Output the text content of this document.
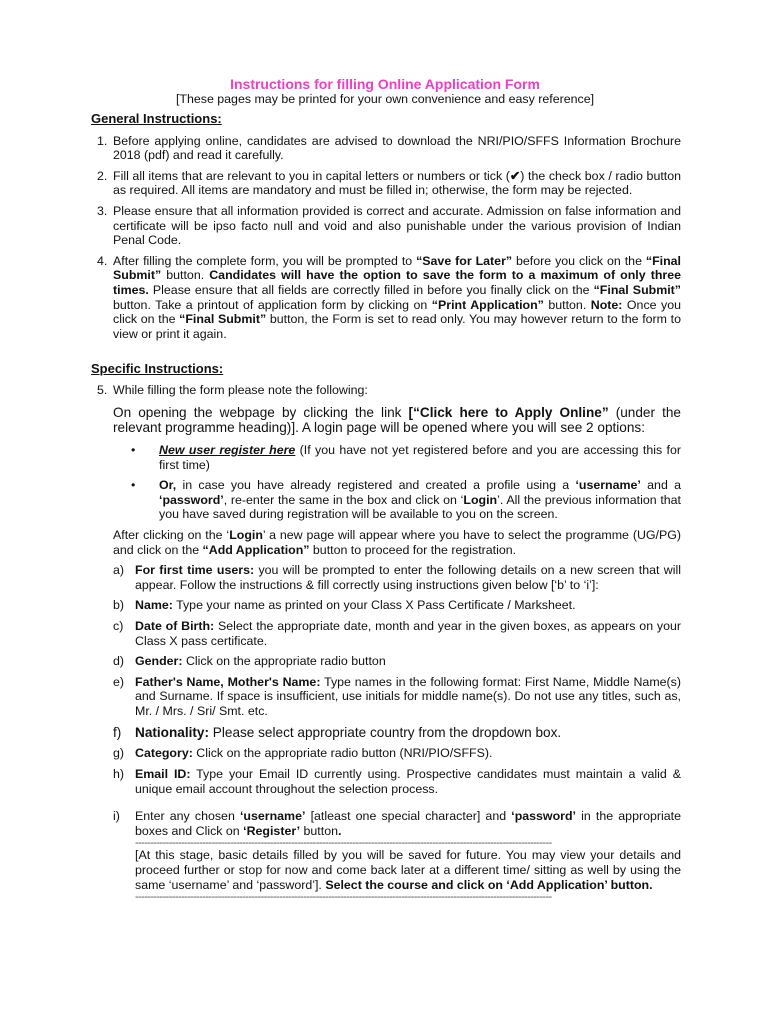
Instructions for filling Online Application Form

[These pages may be printed for your own convenience and easy reference]

General Instructions:

1. Before applying online, candidates are advised to download the NRI/PIO/SFFS Information Brochure 2018 (pdf) and read it carefully.

2. Fill all items that are relevant to you in capital letters or numbers or tick (✔) the check box / radio button as required. All items are mandatory and must be filled in; otherwise, the form may be rejected.

3. Please ensure that all information provided is correct and accurate. Admission on false information and certificate will be ipso facto null and void and also punishable under the various provision of Indian Penal Code.

4. After filling the complete form, you will be prompted to “Save for Later” before you click on the “Final Submit” button. Candidates will have the option to save the form to a maximum of only three times. Please ensure that all fields are correctly filled in before you finally click on the “Final Submit” button. Take a printout of application form by clicking on “Print Application” button. Note: Once you click on the “Final Submit” button, the Form is set to read only. You may however return to the form to view or print it again.

Specific Instructions:

5. While filling the form please note the following:

On opening the webpage by clicking the link [“Click here to Apply Online” (under the relevant programme heading)]. A login page will be opened where you will see 2 options:

• New user register here (If you have not yet registered before and you are accessing this for first time)

• Or, in case you have already registered and created a profile using a ‘username’ and a ‘password’, re-enter the same in the box and click on ‘Login’. All the previous information that you have saved during registration will be available to you on the screen.

After clicking on the ‘Login’ a new page will appear where you have to select the programme (UG/PG) and click on the “Add Application” button to proceed for the registration.

a) For first time users: you will be prompted to enter the following details on a new screen that will appear. Follow the instructions & fill correctly using instructions given below [‘b’ to ‘i’]:

b) Name: Type your name as printed on your Class X Pass Certificate / Marksheet.

c) Date of Birth: Select the appropriate date, month and year in the given boxes, as appears on your Class X pass certificate.

d) Gender: Click on the appropriate radio button

e) Father's Name, Mother's Name: Type names in the following format: First Name, Middle Name(s) and Surname. If space is insufficient, use initials for middle name(s). Do not use any titles, such as, Mr. / Mrs. / Sri/ Smt. etc.

f) Nationality: Please select appropriate country from the dropdown box.

g) Category: Click on the appropriate radio button (NRI/PIO/SFFS).

h) Email ID: Type your Email ID currently using. Prospective candidates must maintain a valid & unique email account throughout the selection process.

i) Enter any chosen ‘username’ [atleast one special character] and ‘password’ in the appropriate boxes and Click on ‘Register’ button.

----------------------------------------------------------------------------------------------------------------------------------------

[At this stage, basic details filled by you will be saved for future. You may view your details and proceed further or stop for now and come back later at a different time/ sitting as well by using the same ‘username’ and ‘password’]. Select the course and click on ‘Add Application’ button.

----------------------------------------------------------------------------------------------------------------------------------------
